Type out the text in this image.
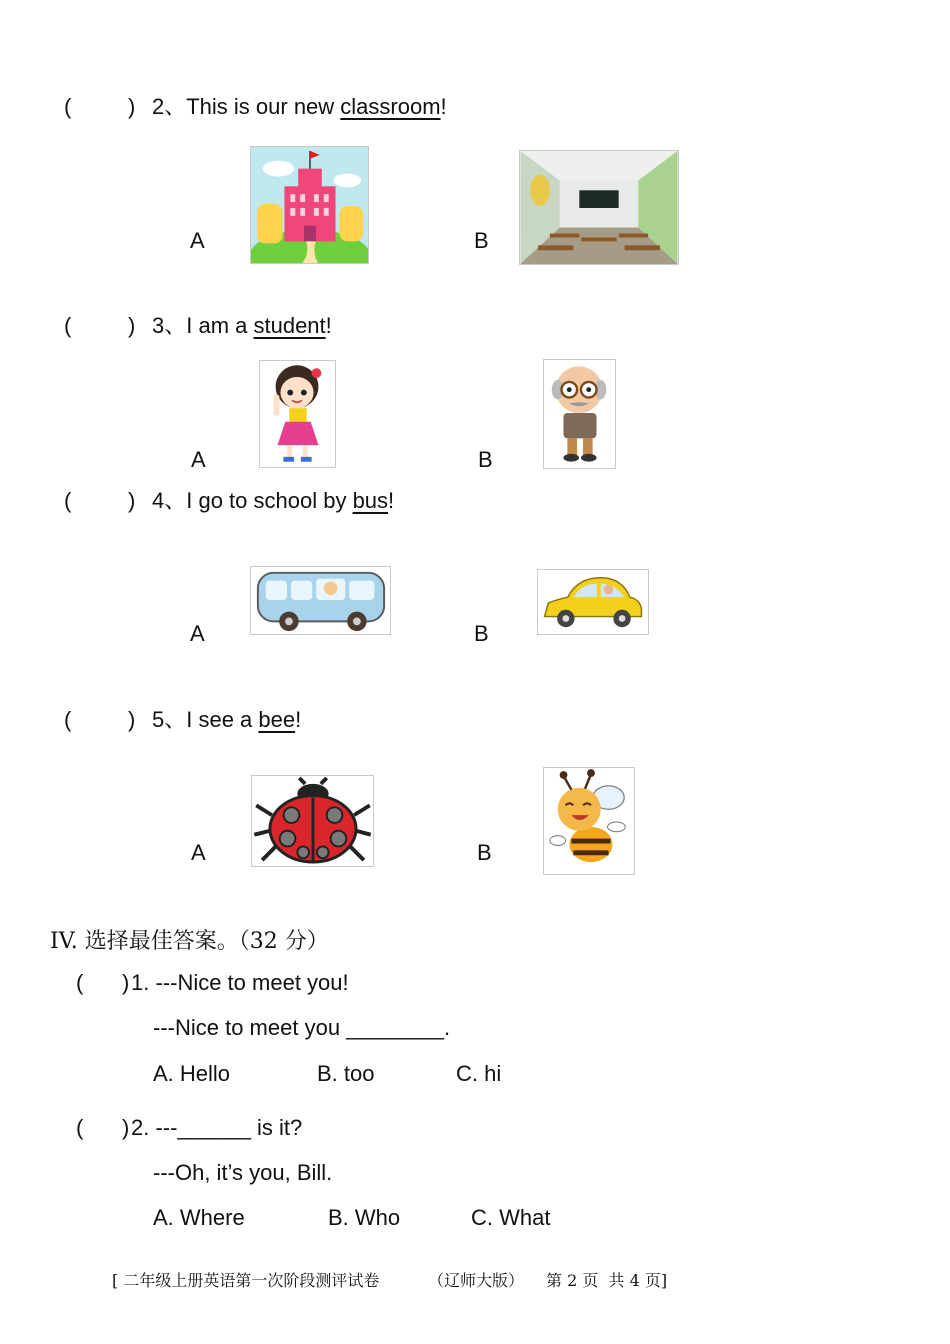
(	) 2、This is our new classroom!
A	B
(	) 3、I am a student!
A	B
(	) 4、I go to school by bus!
A	B
(	) 5、I see a bee!
A	B
IV. 选择最佳答案。（32 分）
( ) 1. ---Nice to meet you!
---Nice to meet you ________.
A. Hello	B. too	C. hi
( ) 2. ---______ is it?
---Oh, it’s you, Bill.
A. Where	B. Who	C. What
[ 二年级上册英语第一次阶段测评试卷	（辽师大版） 第 2 页  共 4 页]
